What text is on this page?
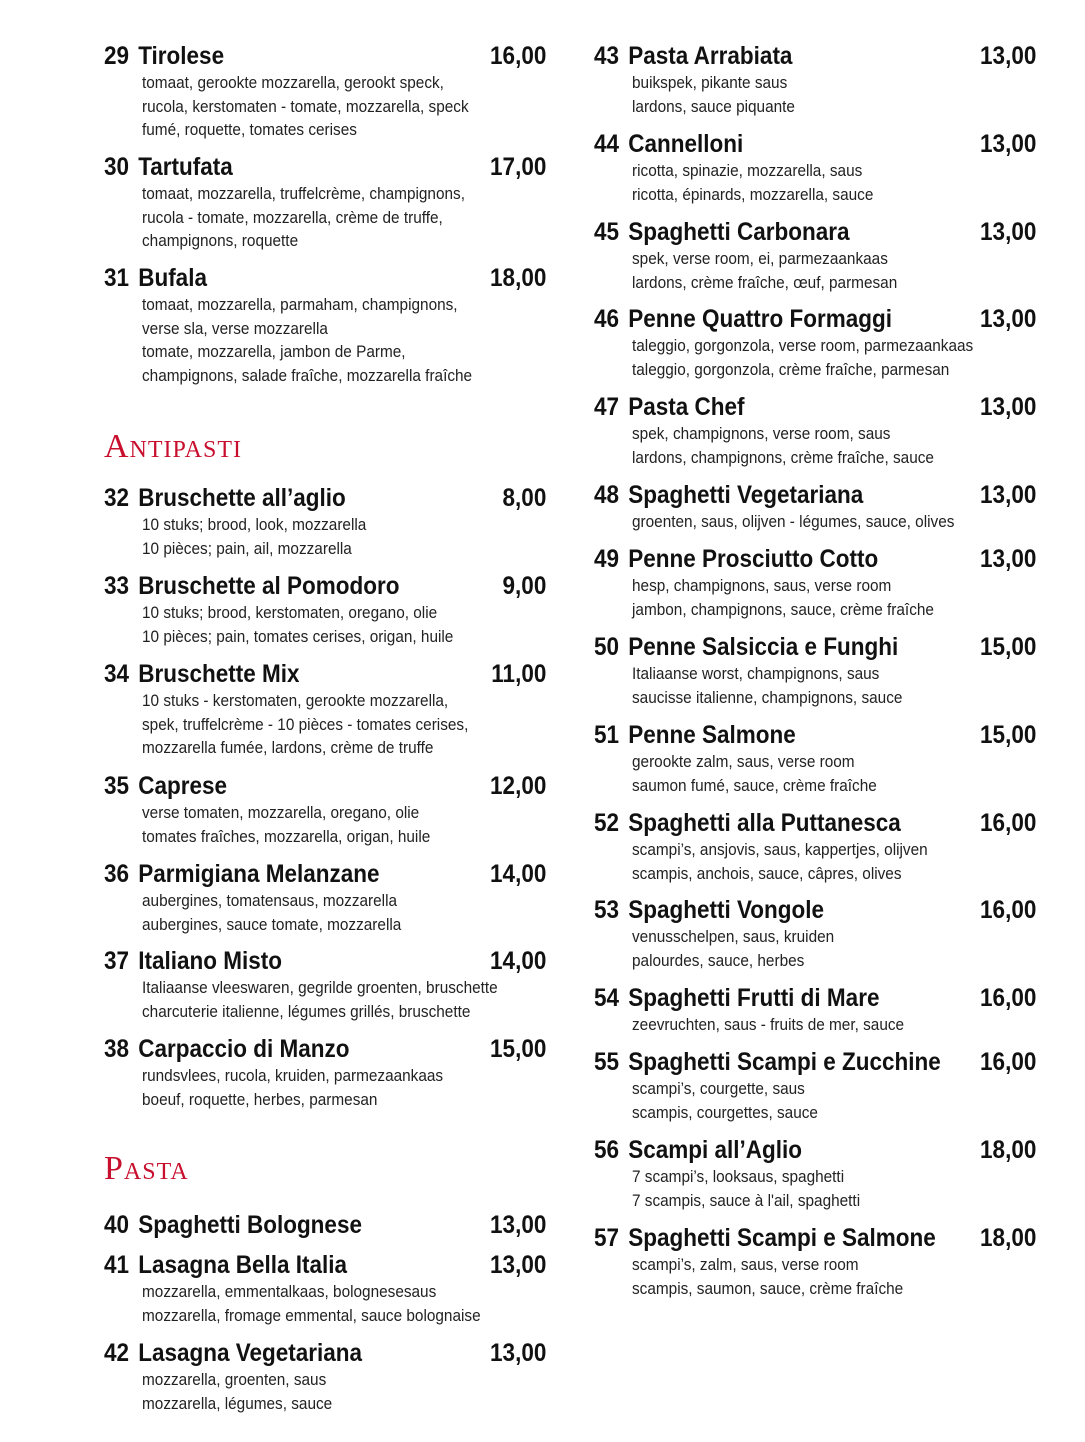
Antipasti
Pasta
29 Tirolese	16,00
tomaat, gerookte mozzarella, gerookt speck,
rucola, kerstomaten - tomate, mozzarella, speck
fumé, roquette, tomates cerises
30 Tartufata	17,00
tomaat, mozzarella, truffelcrème, champignons,
rucola - tomate, mozzarella, crème de truffe,
champignons, roquette
31 Bufala	18,00
tomaat, mozzarella, parmaham, champignons,
verse sla, verse mozzarella
tomate, mozzarella, jambon de Parme,
champignons, salade fraîche, mozzarella fraîche
32 Bruschette all’aglio	8,00
10 stuks; brood, look, mozzarella
10 pièces; pain, ail, mozzarella
33 Bruschette al Pomodoro	9,00
10 stuks; brood, kerstomaten, oregano, olie
10 pièces; pain, tomates cerises, origan, huile
34 Bruschette Mix	11,00
10 stuks - kerstomaten, gerookte mozzarella,
spek, truffelcrème - 10 pièces - tomates cerises,
mozzarella fumée, lardons, crème de truffe
35 Caprese	12,00
verse tomaten, mozzarella, oregano, olie
tomates fraîches, mozzarella, origan, huile
36 Parmigiana Melanzane	14,00
aubergines, tomatensaus, mozzarella
aubergines, sauce tomate, mozzarella
37 Italiano Misto	14,00
Italiaanse vleeswaren, gegrilde groenten, bruschette
charcuterie italienne, légumes grillés, bruschette
38 Carpaccio di Manzo	15,00
rundsvlees, rucola, kruiden, parmezaankaas
boeuf, roquette, herbes, parmesan
40 Spaghetti Bolognese	13,00
41 Lasagna Bella Italia	13,00
mozzarella, emmentalkaas, bolognesesaus
mozzarella, fromage emmental, sauce bolognaise
42 Lasagna Vegetariana	13,00
mozzarella, groenten, saus
mozzarella, légumes, sauce
43 Pasta Arrabiata	13,00
buikspek, pikante saus
lardons, sauce piquante
44 Cannelloni	13,00
ricotta, spinazie, mozzarella, saus
ricotta, épinards, mozzarella, sauce
45 Spaghetti Carbonara	13,00
spek, verse room, ei, parmezaankaas
lardons, crème fraîche, œuf, parmesan
46 Penne Quattro Formaggi	13,00
taleggio, gorgonzola, verse room, parmezaankaas
taleggio, gorgonzola, crème fraîche, parmesan
47 Pasta Chef	13,00
spek, champignons, verse room, saus
lardons, champignons, crème fraîche, sauce
48 Spaghetti Vegetariana	13,00
groenten, saus, olijven - légumes, sauce, olives
49 Penne Prosciutto Cotto	13,00
hesp, champignons, saus, verse room
jambon, champignons, sauce, crème fraîche
50 Penne Salsiccia e Funghi	15,00
Italiaanse worst, champignons, saus
saucisse italienne, champignons, sauce
51 Penne Salmone	15,00
gerookte zalm, saus, verse room
saumon fumé, sauce, crème fraîche
52 Spaghetti alla Puttanesca	16,00
scampi’s, ansjovis, saus, kappertjes, olijven
scampis, anchois, sauce, câpres, olives
53 Spaghetti Vongole	16,00
venusschelpen, saus, kruiden
palourdes, sauce, herbes
54 Spaghetti Frutti di Mare	16,00
zeevruchten, saus - fruits de mer, sauce
55 Spaghetti Scampi e Zucchine	16,00
scampi’s, courgette, saus
scampis, courgettes, sauce
56 Scampi all’Aglio	18,00
7 scampi’s, looksaus, spaghetti
7 scampis, sauce à l'ail, spaghetti
57 Spaghetti Scampi e Salmone	18,00
scampi’s, zalm, saus, verse room
scampis, saumon, sauce, crème fraîche
